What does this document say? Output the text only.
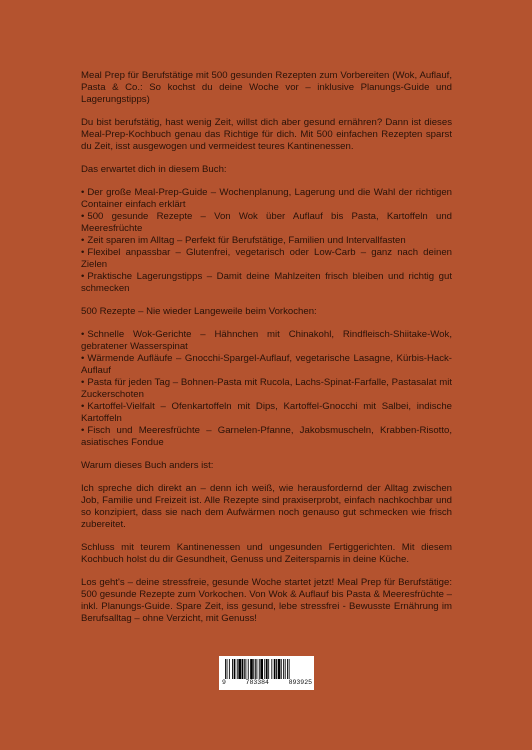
Meal Prep für Berufstätige mit 500 gesunden Rezepten zum Vorbereiten (Wok, Auflauf, Pasta & Co.: So kochst du deine Woche vor – inklusive Planungs-Guide und Lagerungstipps)

Du bist berufstätig, hast wenig Zeit, willst dich aber gesund ernähren? Dann ist dieses Meal-Prep-Kochbuch genau das Richtige für dich. Mit 500 einfachen Rezepten sparst du Zeit, isst ausgewogen und vermeidest teures Kantinenessen.

Das erwartet dich in diesem Buch:

• Der große Meal-Prep-Guide – Wochenplanung, Lagerung und die Wahl der richtigen Container einfach erklärt
• 500 gesunde Rezepte – Von Wok über Auflauf bis Pasta, Kartoffeln und Meeresfrüchte
• Zeit sparen im Alltag – Perfekt für Berufstätige, Familien und Intervallfasten
• Flexibel anpassbar – Glutenfrei, vegetarisch oder Low-Carb – ganz nach deinen Zielen
• Praktische Lagerungstipps – Damit deine Mahlzeiten frisch bleiben und richtig gut schmecken

500 Rezepte – Nie wieder Langeweile beim Vorkochen:

• Schnelle Wok-Gerichte – Hähnchen mit Chinakohl, Rindfleisch-Shiitake-Wok, gebratener Wasserspinat
• Wärmende Aufläufe – Gnocchi-Spargel-Auflauf, vegetarische Lasagne, Kürbis-Hack-Auflauf
• Pasta für jeden Tag – Bohnen-Pasta mit Rucola, Lachs-Spinat-Farfalle, Pastasalat mit Zuckerschoten
• Kartoffel-Vielfalt – Ofenkartoffeln mit Dips, Kartoffel-Gnocchi mit Salbei, indische Kartoffeln
• Fisch und Meeresfrüchte – Garnelen-Pfanne, Jakobsmuscheln, Krabben-Risotto, asiatisches Fondue

Warum dieses Buch anders ist:

Ich spreche dich direkt an – denn ich weiß, wie herausfordernd der Alltag zwischen Job, Familie und Freizeit ist. Alle Rezepte sind praxiserprobt, einfach nachkochbar und so konzipiert, dass sie nach dem Aufwärmen noch genauso gut schmecken wie frisch zubereitet.

Schluss mit teurem Kantinenessen und ungesunden Fertiggerichten. Mit diesem Kochbuch holst du dir Gesundheit, Genuss und Zeitersparnis in deine Küche.

Los geht's – deine stressfreie, gesunde Woche startet jetzt! Meal Prep für Berufstätige: 500 gesunde Rezepte zum Vorkochen. Von Wok & Auflauf bis Pasta & Meeresfrüchte – inkl. Planungs-Guide. Spare Zeit, iss gesund, lebe stressfrei - Bewusste Ernährung im Berufsalltag – ohne Verzicht, mit Genuss!

9	783384	893925
